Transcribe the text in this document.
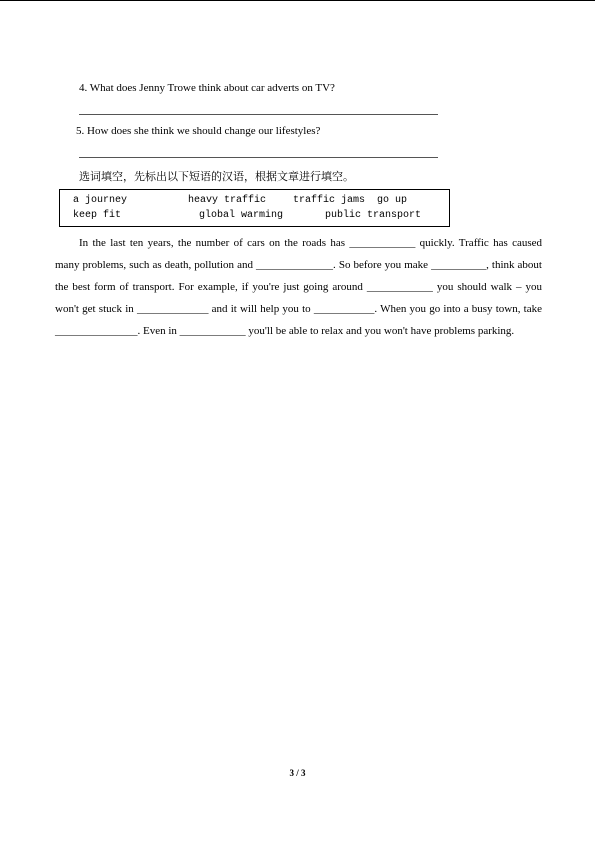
4. What does Jenny Trowe think about car adverts on TV?
5. How does she think we should change our lifestyles?
选词填空，先标出以下短语的汉语，根据文章进行填空。
a journey	heavy traffic	traffic jams go up
keep fit	global warming	public transport

In the last ten years, the number of cars on the roads has ____________ quickly. Traffic has caused many problems, such as death, pollution and ______________. So before you make __________, think about the best form of transport. For example, if you're just going around ____________ you should walk – you won't get stuck in _____________ and it will help you to ___________. When you go into a busy town, take _______________. Even in ____________ you'll be able to relax and you won't have problems parking.

3 / 3
